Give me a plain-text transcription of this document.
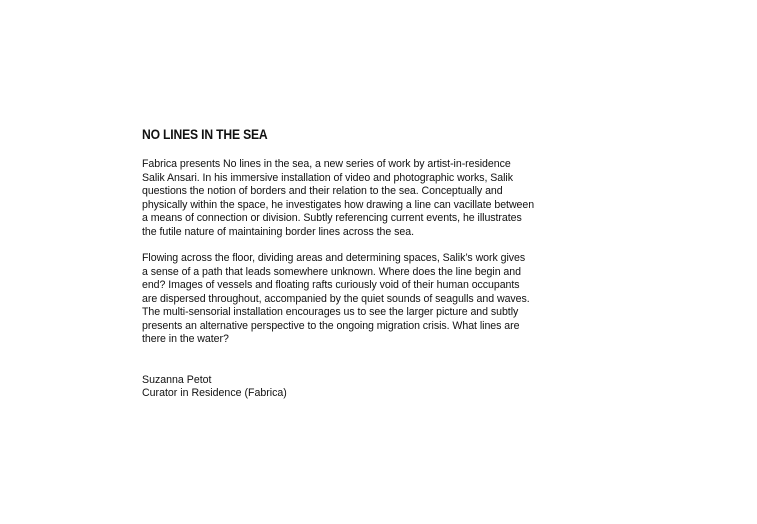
NO LINES IN THE SEA

Fabrica presents No lines in the sea, a new series of work by artist-in-residence
Salik Ansari. In his immersive installation of video and photographic works, Salik
questions the notion of borders and their relation to the sea. Conceptually and
physically within the space, he investigates how drawing a line can vacillate between
a means of connection or division. Subtly referencing current events, he illustrates
the futile nature of maintaining border lines across the sea.

Flowing across the floor, dividing areas and determining spaces, Salik’s work gives
a sense of a path that leads somewhere unknown. Where does the line begin and
end? Images of vessels and floating rafts curiously void of their human occupants
are dispersed throughout, accompanied by the quiet sounds of seagulls and waves.
The multi-sensorial installation encourages us to see the larger picture and subtly
presents an alternative perspective to the ongoing migration crisis. What lines are
there in the water?

Suzanna Petot
Curator in Residence (Fabrica)
